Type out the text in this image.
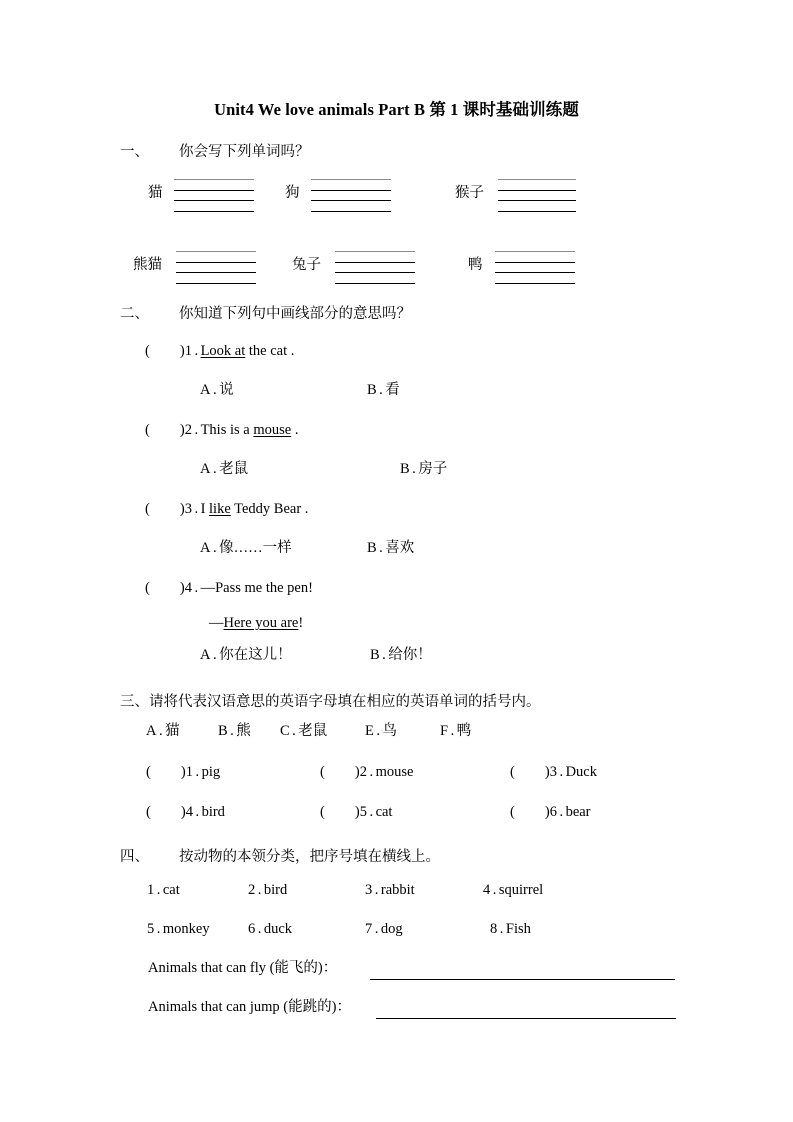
Unit4 We love animals Part B 第 1 课时基础训练题
一、 你会写下列单词吗？
猫	狗	猴子
熊猫	兔子	鸭
二、 你知道下列句中画线部分的意思吗？
( )1 . Look at the cat .
A . 说	B . 看
( )2 . This is a mouse .
A . 老鼠	B . 房子
( )3 . I like Teddy Bear .
A . 像……一样	B . 喜欢
( )4 . —Pass me the pen!
—Here you are!
A . 你在这儿！	B . 给你！
三、请将代表汉语意思的英语字母填在相应的英语单词的括号内。
A . 猫	B . 熊 C . 老鼠	E . 鸟	F . 鸭
( )1 . pig	( )2 . mouse	( )3 . Duck
( )4 . bird	( )5 . cat	( )6 . bear
四、 按动物的本领分类，把序号填在横线上。
1 . cat	2 . bird	3 . rabbit	4 . squirrel
5 . monkey	6 . duck	7 . dog	8 . Fish
Animals that can fly (能飞的)：
Animals that can jump (能跳的)：
